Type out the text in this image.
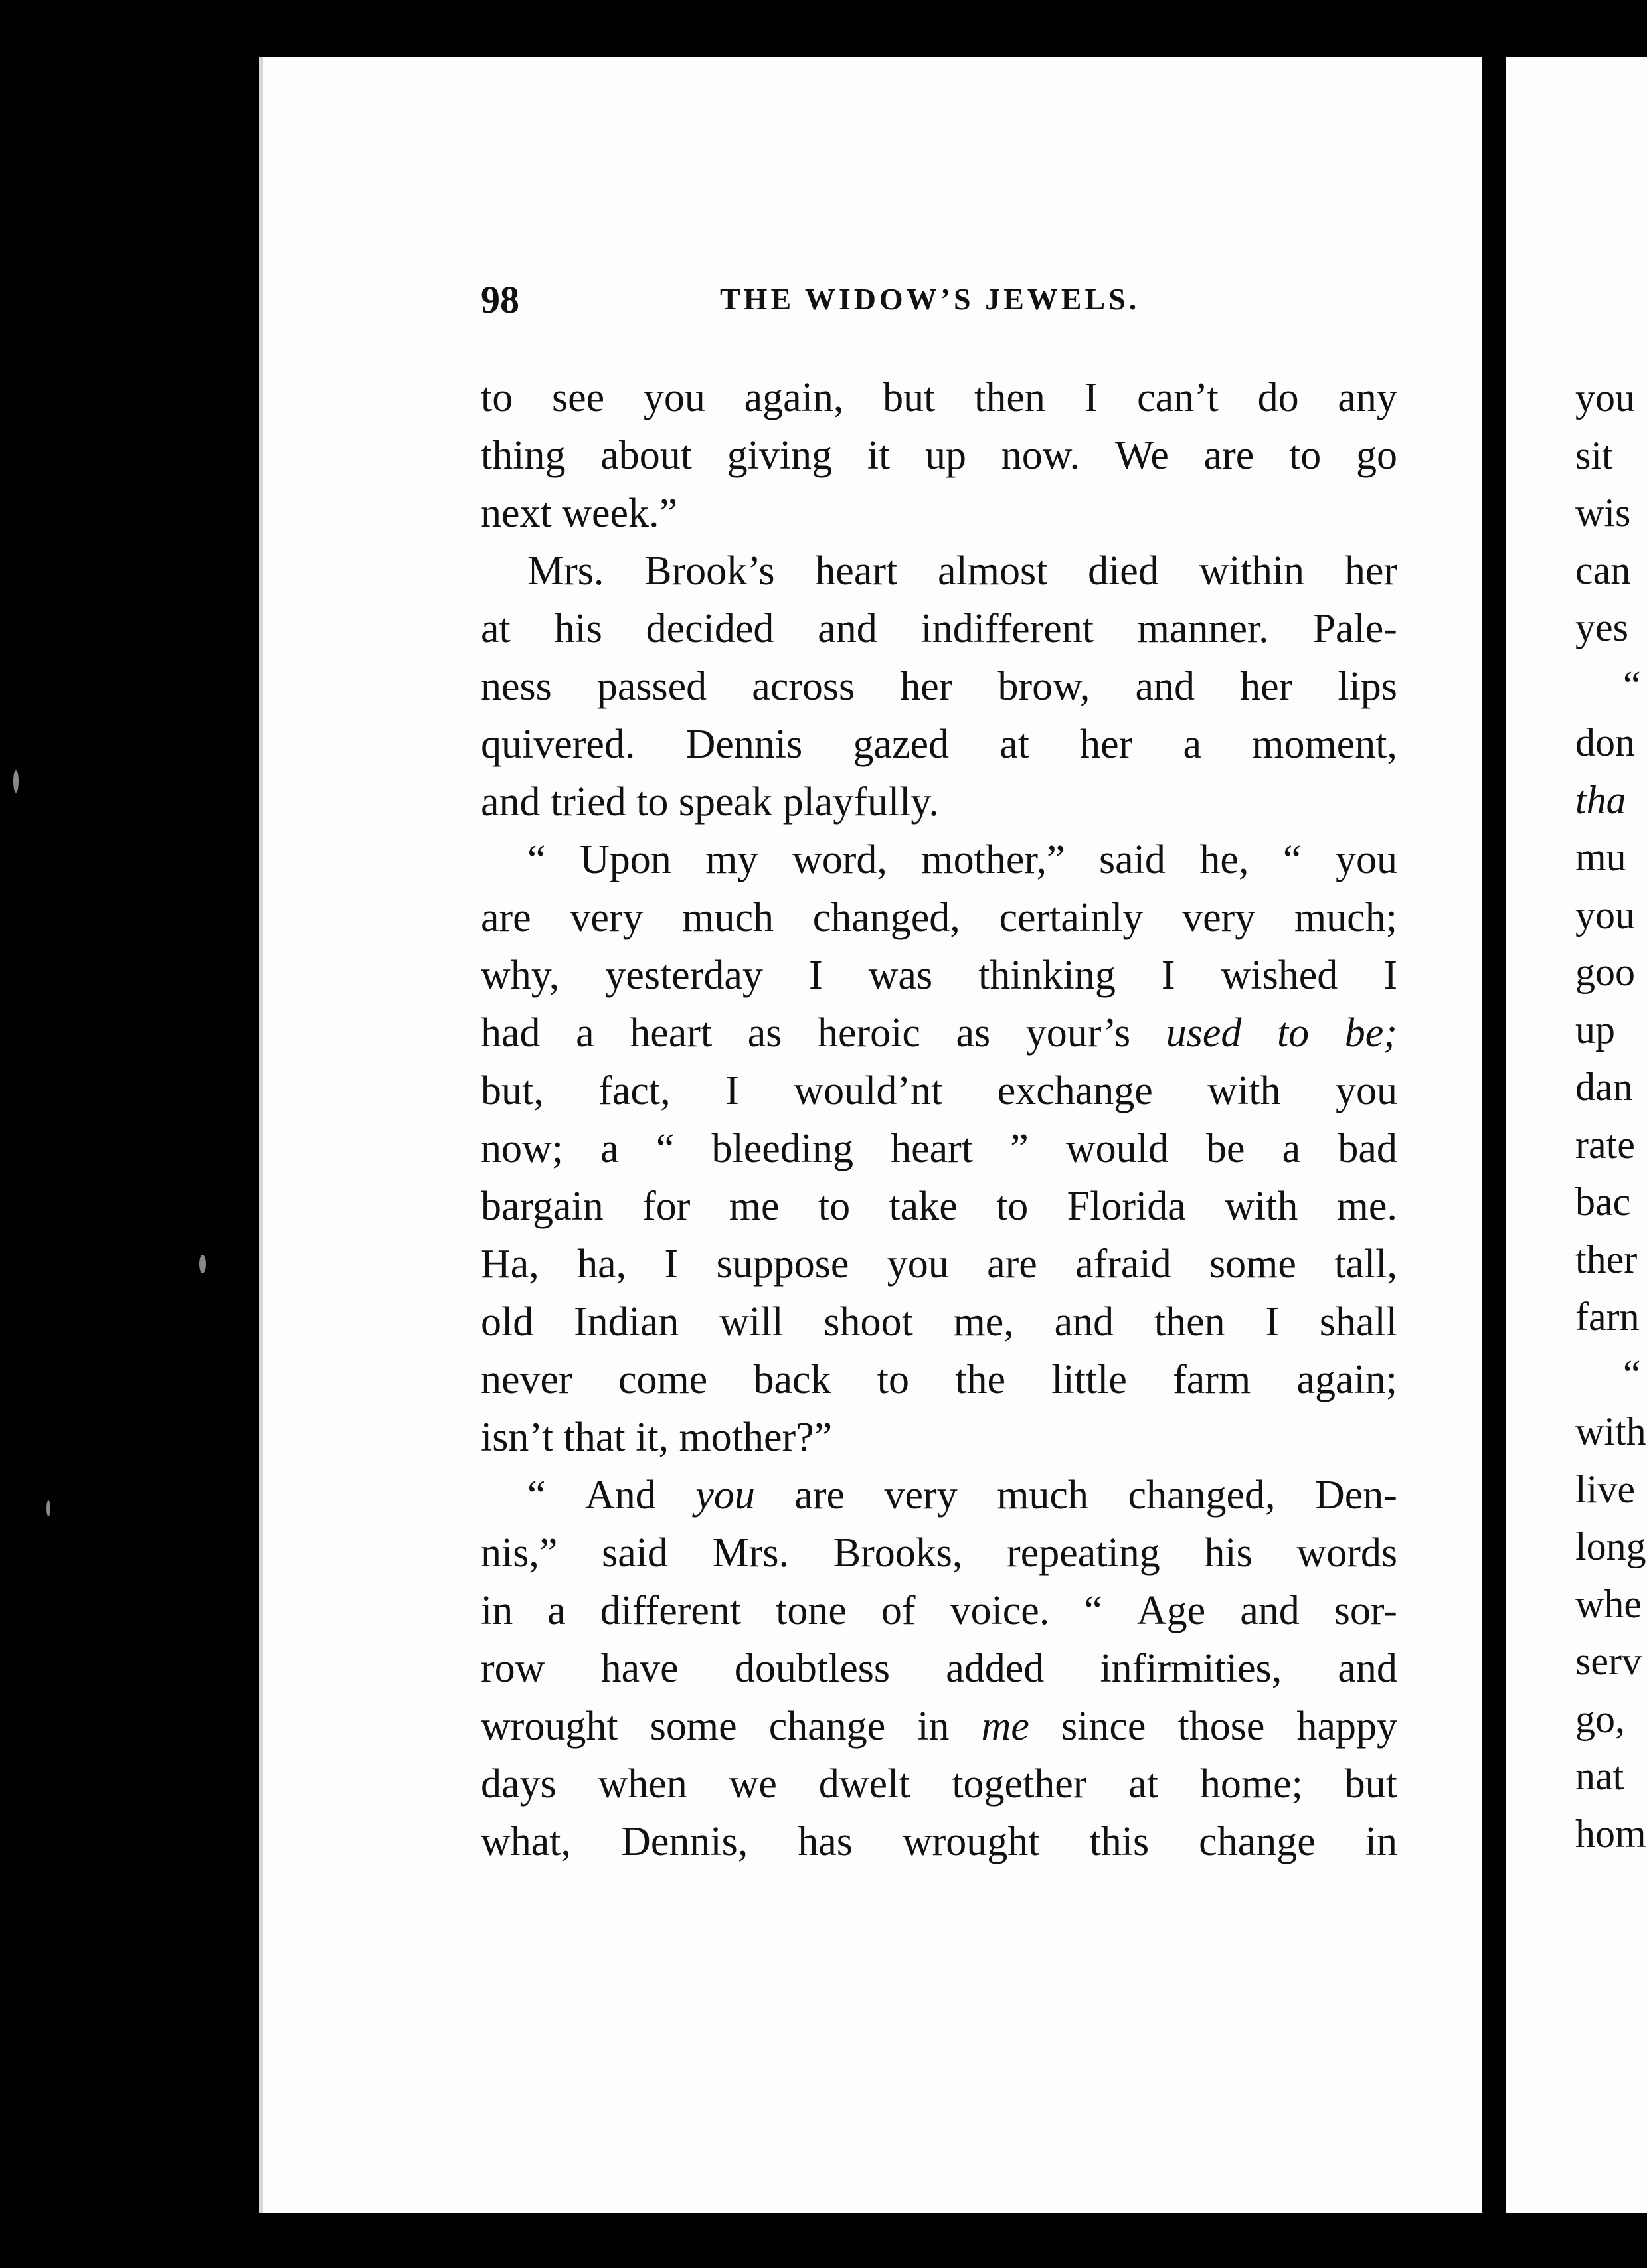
98	THE WIDOW’S JEWELS.
to see you again, but then I can’t do any
thing about giving it up now. We are to go
next week.”
Mrs. Brook’s heart almost died within her
at his decided and indifferent manner. Pale-
ness passed across her brow, and her lips
quivered. Dennis gazed at her a moment,
and tried to speak playfully.
“ Upon my word, mother,” said he, “ you
are very much changed, certainly very much;
why, yesterday I was thinking I wished I
had a heart as heroic as your’s used to be;
but, fact, I would’nt exchange with you
now; a “ bleeding heart ” would be a bad
bargain for me to take to Florida with me.
Ha, ha, I suppose you are afraid some tall,
old Indian will shoot me, and then I shall
never come back to the little farm again;
isn’t that it, mother?”
“ And you are very much changed, Den-
nis,” said Mrs. Brooks, repeating his words
in a different tone of voice. “ Age and sor-
row have doubtless added infirmities, and
wrought some change in me since those happy
days when we dwelt together at home; but
what, Dennis, has wrought this change in
you
sit
wis
can
yes
“
don
tha
mu
you
goo
up
dan
rate
bac
ther
farn
“
with
live
long
whe
serv
go,
nat
hom
